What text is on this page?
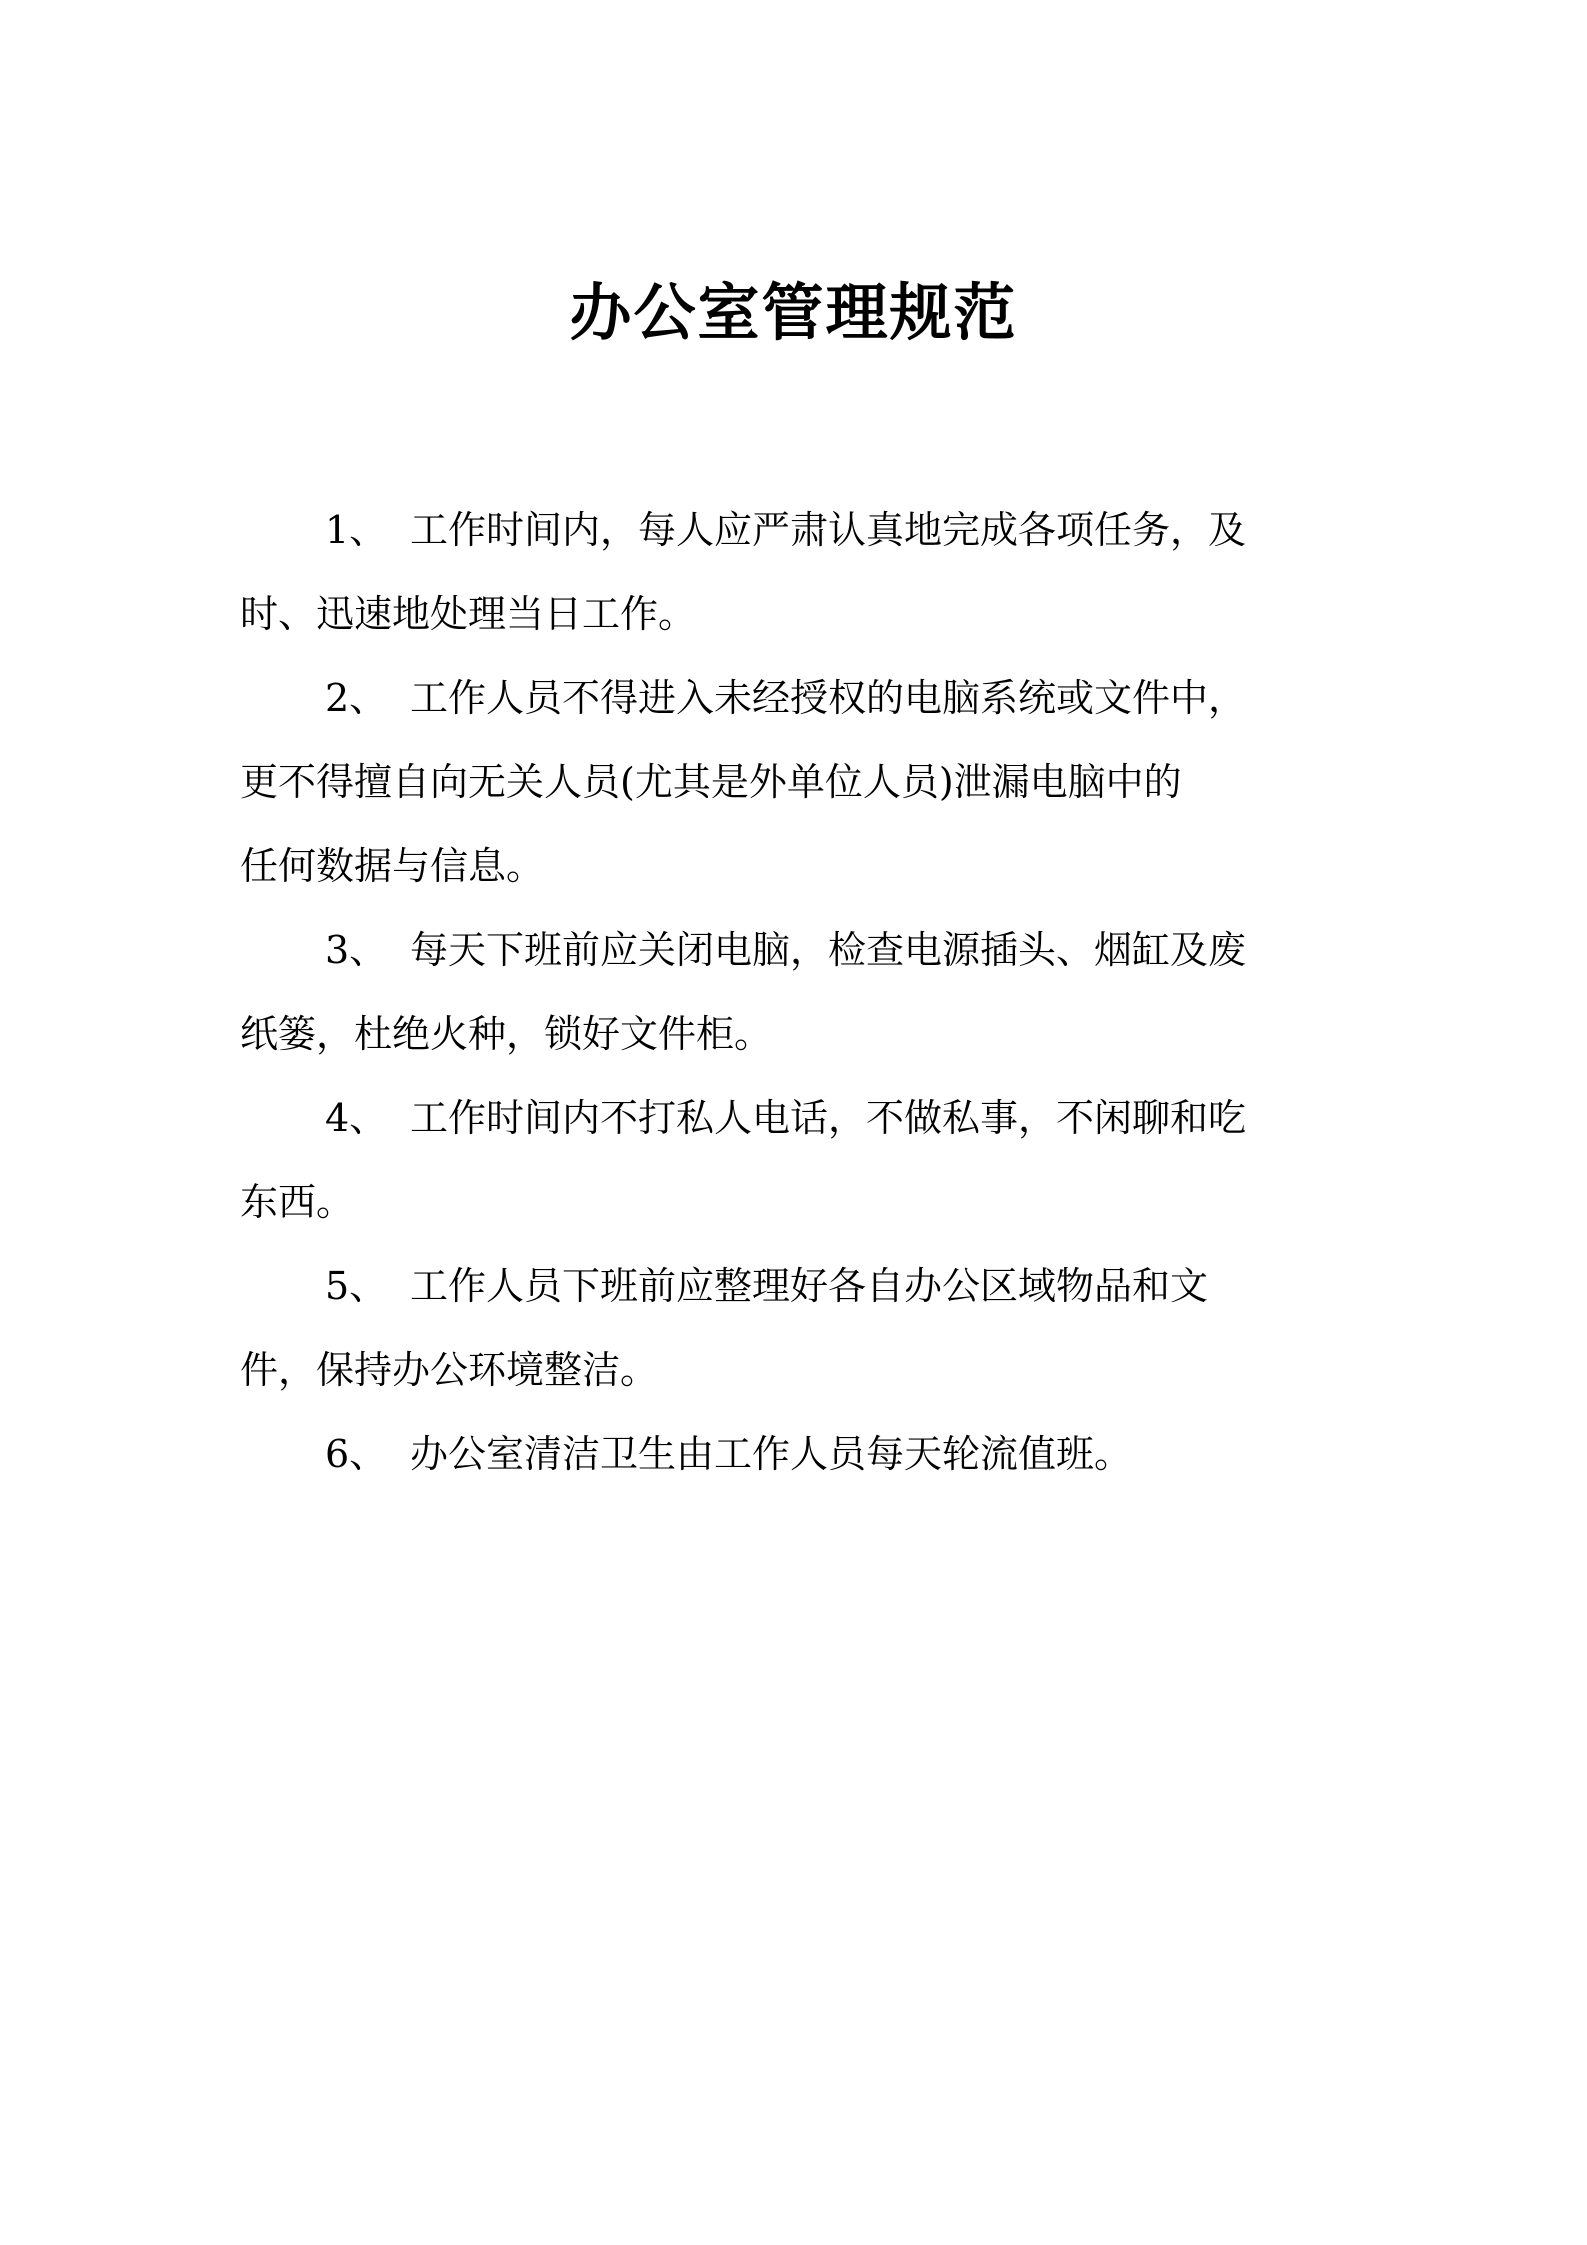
办公室管理规范

1、 工作时间内，每人应严肃认真地完成各项任务，及
时、迅速地处理当日工作。

2、 工作人员不得进入未经授权的电脑系统或文件中，
更不得擅自向无关人员(尤其是外单位人员)泄漏电脑中的
任何数据与信息。

3、 每天下班前应关闭电脑，检查电源插头、烟缸及废
纸篓，杜绝火种，锁好文件柜。

4、 工作时间内不打私人电话，不做私事，不闲聊和吃
东西。

5、 工作人员下班前应整理好各自办公区域物品和文
件，保持办公环境整洁。

6、 办公室清洁卫生由工作人员每天轮流值班。
